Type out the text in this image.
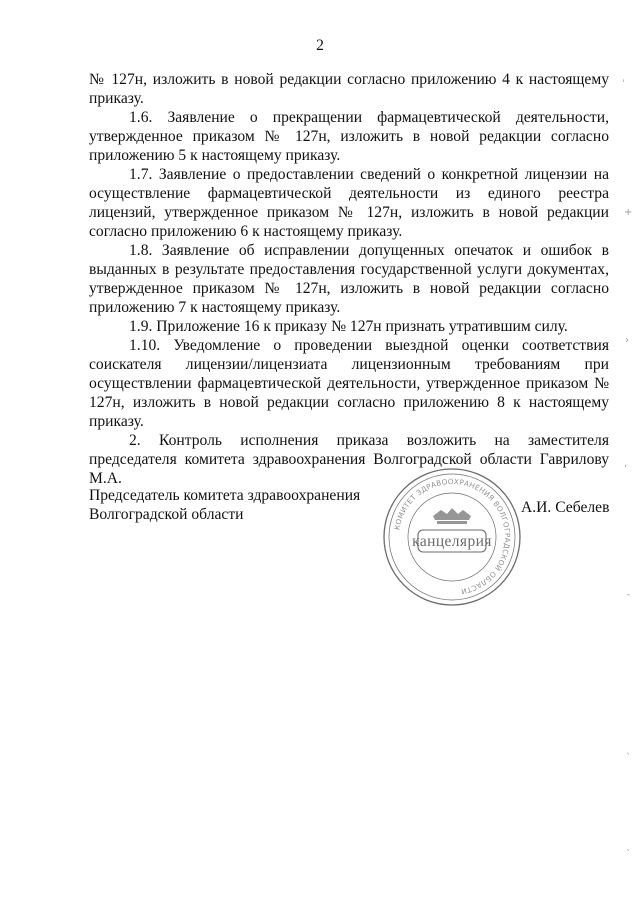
2

№ 127н, изложить в новой редакции согласно приложению 4 к настоящему приказу.

1.6. Заявление о прекращении фармацевтической деятельности, утвержденное приказом № 127н, изложить в новой редакции согласно приложению 5 к настоящему приказу.

1.7. Заявление о предоставлении сведений о конкретной лицензии на осуществление фармацевтической деятельности из единого реестра лицензий, утвержденное приказом № 127н, изложить в новой редакции согласно приложению 6 к настоящему приказу.

1.8. Заявление об исправлении допущенных опечаток и ошибок в выданных в результате предоставления государственной услуги документах, утвержденное приказом № 127н, изложить в новой редакции согласно приложению 7 к настоящему приказу.

1.9. Приложение 16 к приказу № 127н признать утратившим силу.

1.10. Уведомление о проведении выездной оценки соответствия соискателя лицензии/лицензиата лицензионным требованиям при осуществлении фармацевтической деятельности, утвержденное приказом № 127н, изложить в новой редакции согласно приложению 8 к настоящему приказу.

2. Контроль исполнения приказа возложить на заместителя председателя комитета здравоохранения Волгоградской области Гаврилову М.А.

Председатель комитета здравоохранения
Волгоградской области	А.И. Себелев
КОМИТЕТ ЗДРАВООХРАНЕНИЯ ВОЛГОГРАДСКОЙ ОБЛАСТИ
канцелярия
ˈ
+
›
ʼ
¯
ˎ
ˋ
